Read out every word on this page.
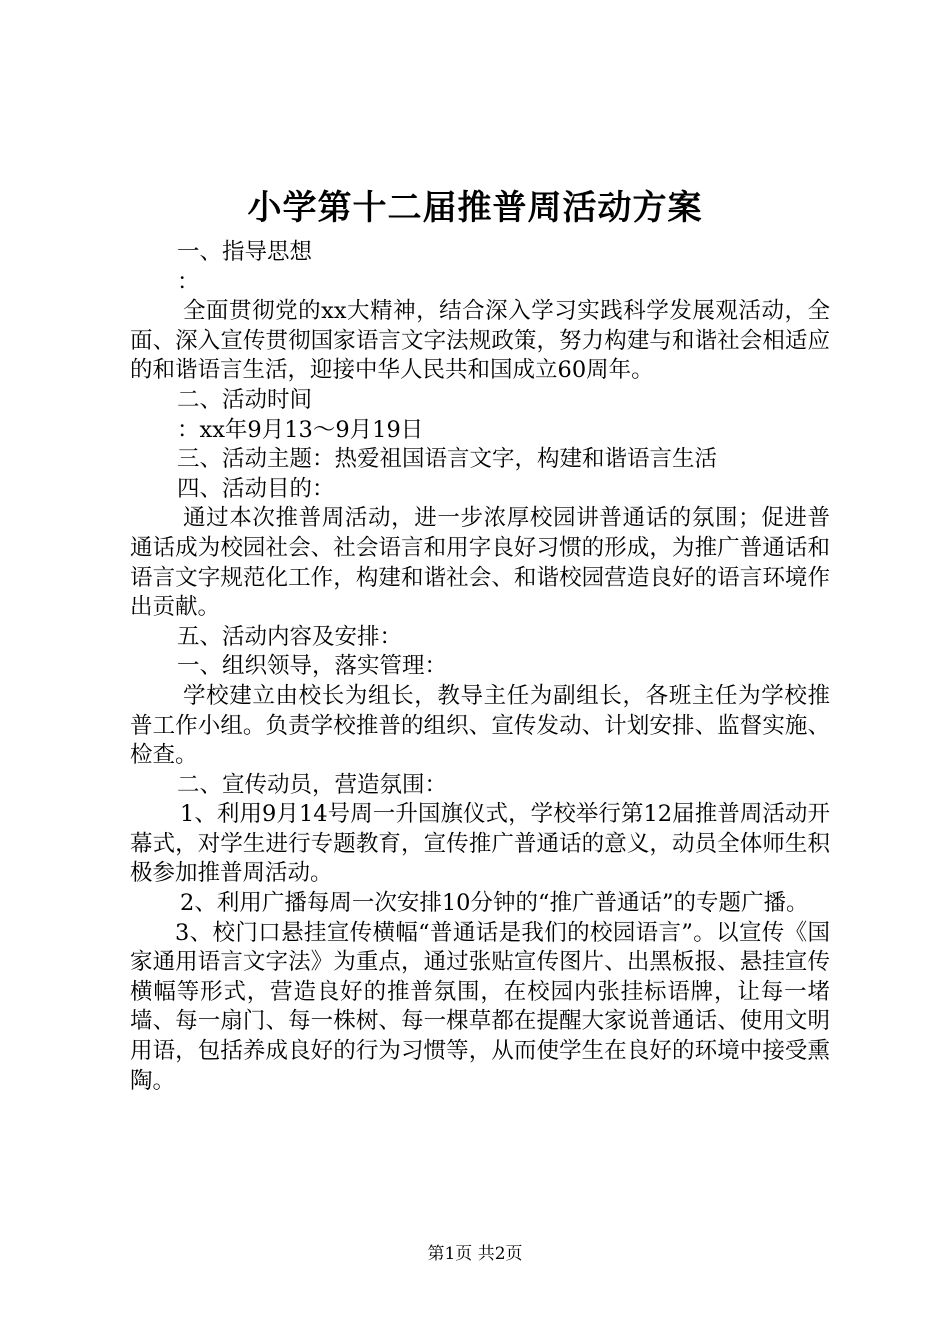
小学第十二届推普周活动方案

一、指导思想

：

全面贯彻党的xx大精神，结合深入学习实践科学发展观活动，全面、深入宣传贯彻国家语言文字法规政策，努力构建与和谐社会相适应的和谐语言生活，迎接中华人民共和国成立60周年。

二、活动时间

：xx年9月13～9月19日

三、活动主题：热爱祖国语言文字，构建和谐语言生活

四、活动目的：

通过本次推普周活动，进一步浓厚校园讲普通话的氛围；促进普通话成为校园社会、社会语言和用字良好习惯的形成，为推广普通话和语言文字规范化工作，构建和谐社会、和谐校园营造良好的语言环境作出贡献。

五、活动内容及安排：

一、组织领导，落实管理：

学校建立由校长为组长，教导主任为副组长，各班主任为学校推普工作小组。负责学校推普的组织、宣传发动、计划安排、监督实施、检查。

二、宣传动员，营造氛围：

1、利用9月14号周一升国旗仪式，学校举行第12届推普周活动开幕式，对学生进行专题教育，宣传推广普通话的意义，动员全体师生积极参加推普周活动。

2、利用广播每周一次安排10分钟的“推广普通话”的专题广播。

3、校门口悬挂宣传横幅“普通话是我们的校园语言”。以宣传《国家通用语言文字法》为重点，通过张贴宣传图片、出黑板报、悬挂宣传横幅等形式，营造良好的推普氛围，在校园内张挂标语牌，让每一堵墙、每一扇门、每一株树、每一棵草都在提醒大家说普通话、使用文明用语，包括养成良好的行为习惯等，从而使学生在良好的环境中接受熏陶。

第1页 共2页
